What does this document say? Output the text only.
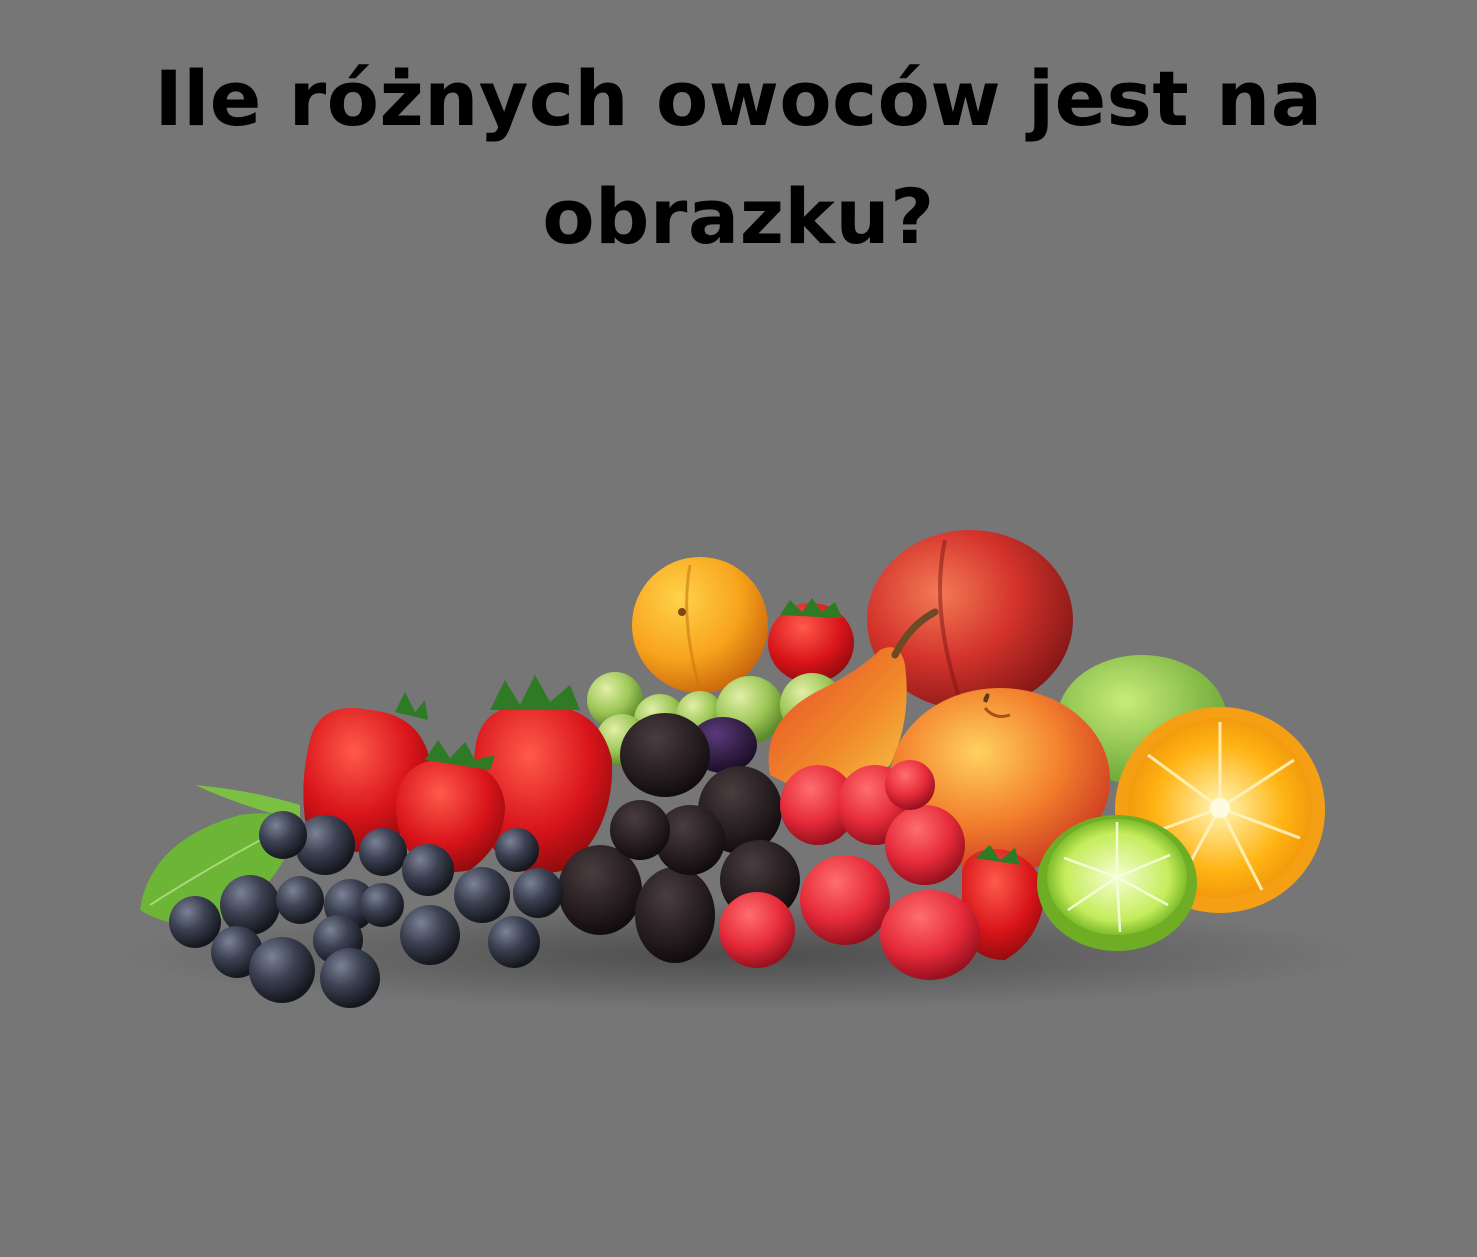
Ile różnych owoców jest na
obrazku?
